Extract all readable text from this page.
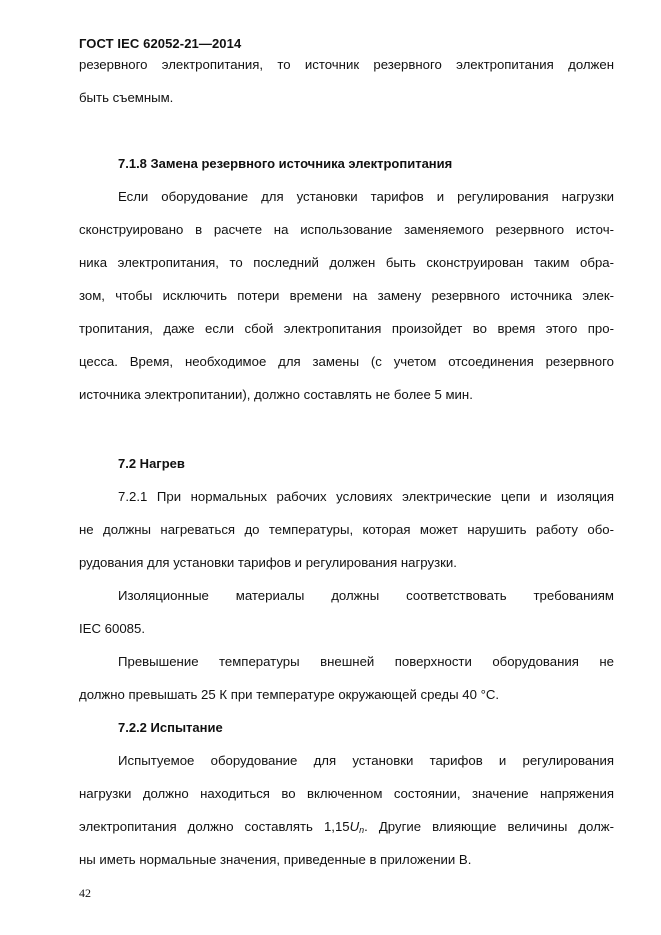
ГОСТ IEC 62052-21—2014
резервного электропитания, то источник резервного электропитания должен
быть съемным.
7.1.8 Замена резервного источника электропитания
Если оборудование для установки тарифов и регулирования нагрузки
сконструировано в расчете на использование заменяемого резервного источ-
ника электропитания, то последний должен быть сконструирован таким обра-
зом, чтобы исключить потери времени на замену резервного источника элек-
тропитания, даже если сбой электропитания произойдет во время этого про-
цесса. Время, необходимое для замены (с учетом отсоединения резервного
источника электропитании), должно составлять не более 5 мин.
7.2 Нагрев
7.2.1 При нормальных рабочих условиях электрические цепи и изоляция
не должны нагреваться до температуры, которая может нарушить работу обо-
рудования для установки тарифов и регулирования нагрузки.
Изоляционные материалы должны соответствовать требованиям
IEC 60085.
Превышение температуры внешней поверхности оборудования не
должно превышать 25 К при температуре окружающей среды 40 °С.
7.2.2 Испытание
Испытуемое оборудование для установки тарифов и регулирования
нагрузки должно находиться во включенном состоянии, значение напряжения
электропитания должно составлять $1,15U_n$. Другие влияющие величины долж-
ны иметь нормальные значения, приведенные в приложении В.
42
